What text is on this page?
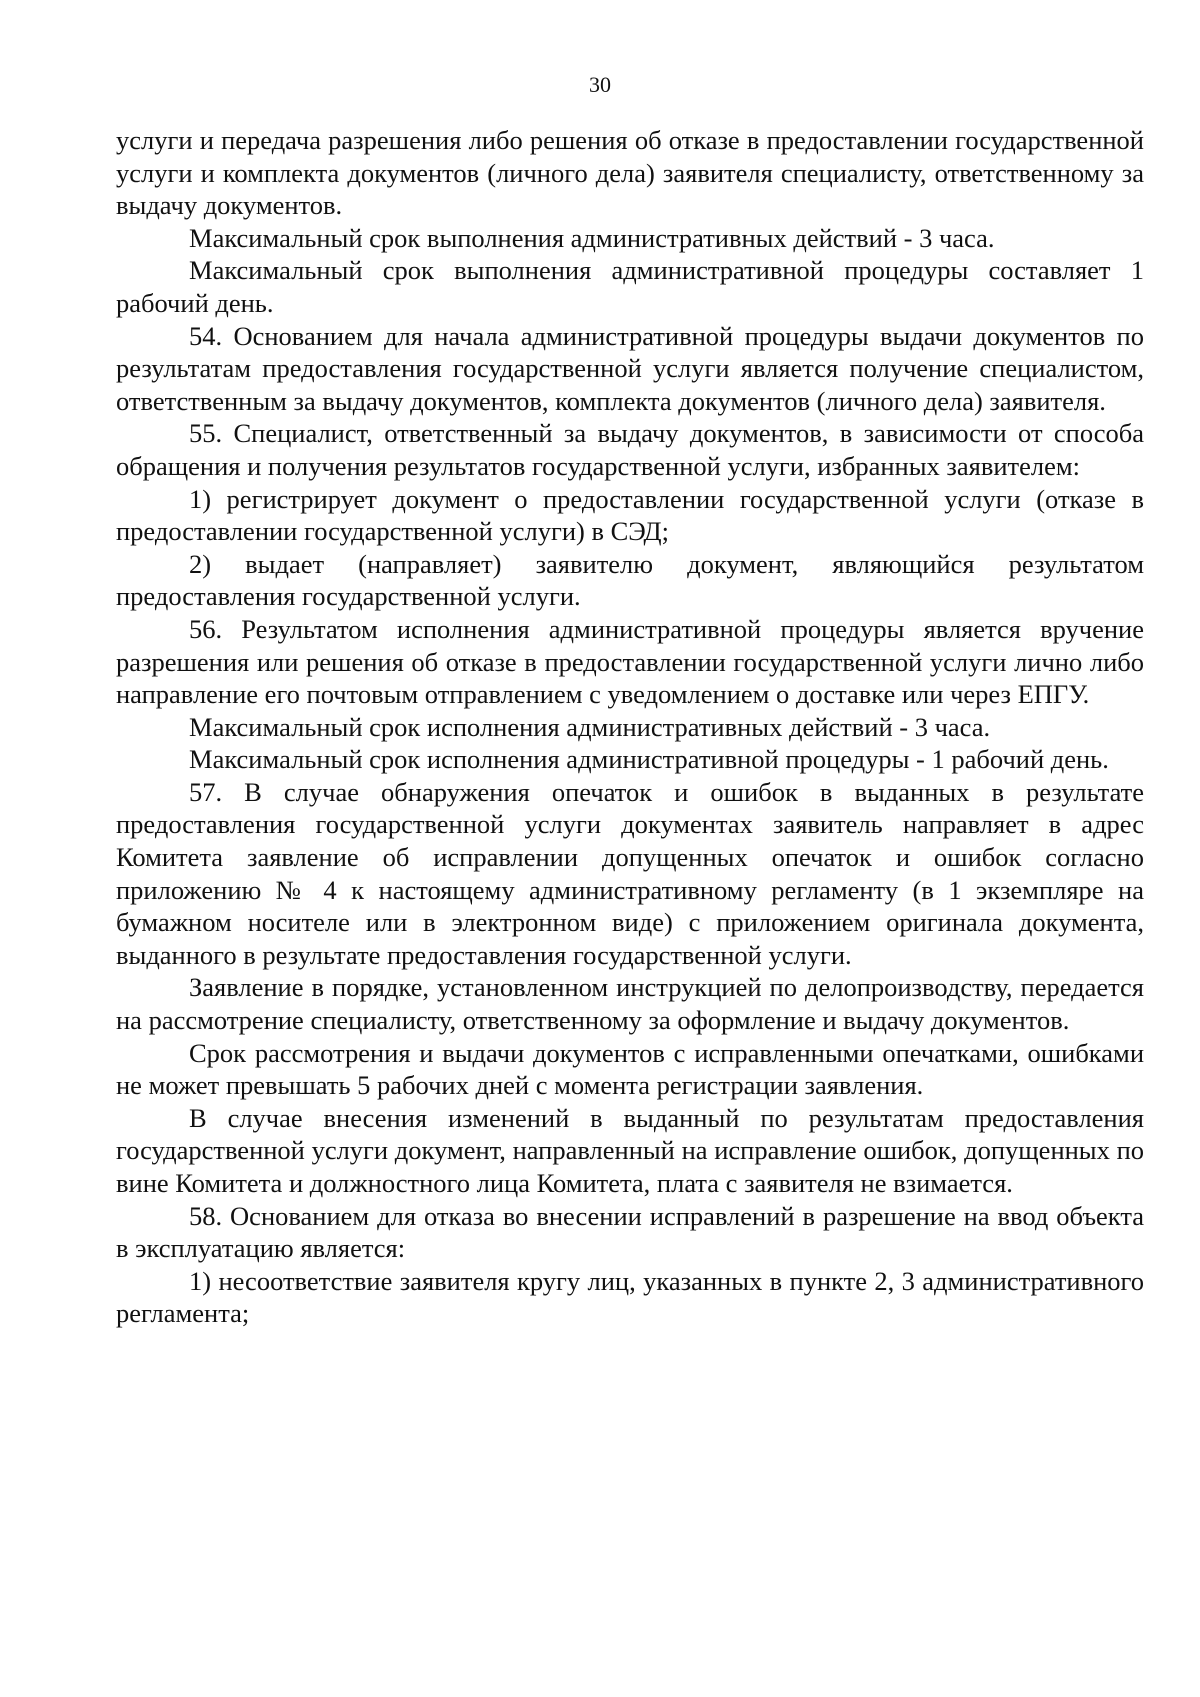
30

услуги и передача разрешения либо решения об отказе в предоставлении государственной услуги и комплекта документов (личного дела) заявителя специалисту, ответственному за выдачу документов.

Максимальный срок выполнения административных действий - 3 часа.

Максимальный срок выполнения административной процедуры составляет 1 рабочий день.

54. Основанием для начала административной процедуры выдачи документов по результатам предоставления государственной услуги является получение специалистом, ответственным за выдачу документов, комплекта документов (личного дела) заявителя.

55. Специалист, ответственный за выдачу документов, в зависимости от способа обращения и получения результатов государственной услуги, избранных заявителем:

1) регистрирует документ о предоставлении государственной услуги (отказе в предоставлении государственной услуги) в СЭД;

2) выдает (направляет) заявителю документ, являющийся результатом предоставления государственной услуги.

56. Результатом исполнения административной процедуры является вручение разрешения или решения об отказе в предоставлении государственной услуги лично либо направление его почтовым отправлением с уведомлением о доставке или через ЕПГУ.

Максимальный срок исполнения административных действий - 3 часа.

Максимальный срок исполнения административной процедуры - 1 рабочий день.

57. В случае обнаружения опечаток и ошибок в выданных в результате предоставления государственной услуги документах заявитель направляет в адрес Комитета заявление об исправлении допущенных опечаток и ошибок согласно приложению № 4 к настоящему административному регламенту (в 1 экземпляре на бумажном носителе или в электронном виде) с приложением оригинала документа, выданного в результате предоставления государственной услуги.

Заявление в порядке, установленном инструкцией по делопроизводству, передается на рассмотрение специалисту, ответственному за оформление и выдачу документов.

Срок рассмотрения и выдачи документов с исправленными опечатками, ошибками не может превышать 5 рабочих дней с момента регистрации заявления.

В случае внесения изменений в выданный по результатам предоставления государственной услуги документ, направленный на исправление ошибок, допущенных по вине Комитета и должностного лица Комитета, плата с заявителя не взимается.

58. Основанием для отказа во внесении исправлений в разрешение на ввод объекта в эксплуатацию является:

1) несоответствие заявителя кругу лиц, указанных в пункте 2, 3 административного регламента;
